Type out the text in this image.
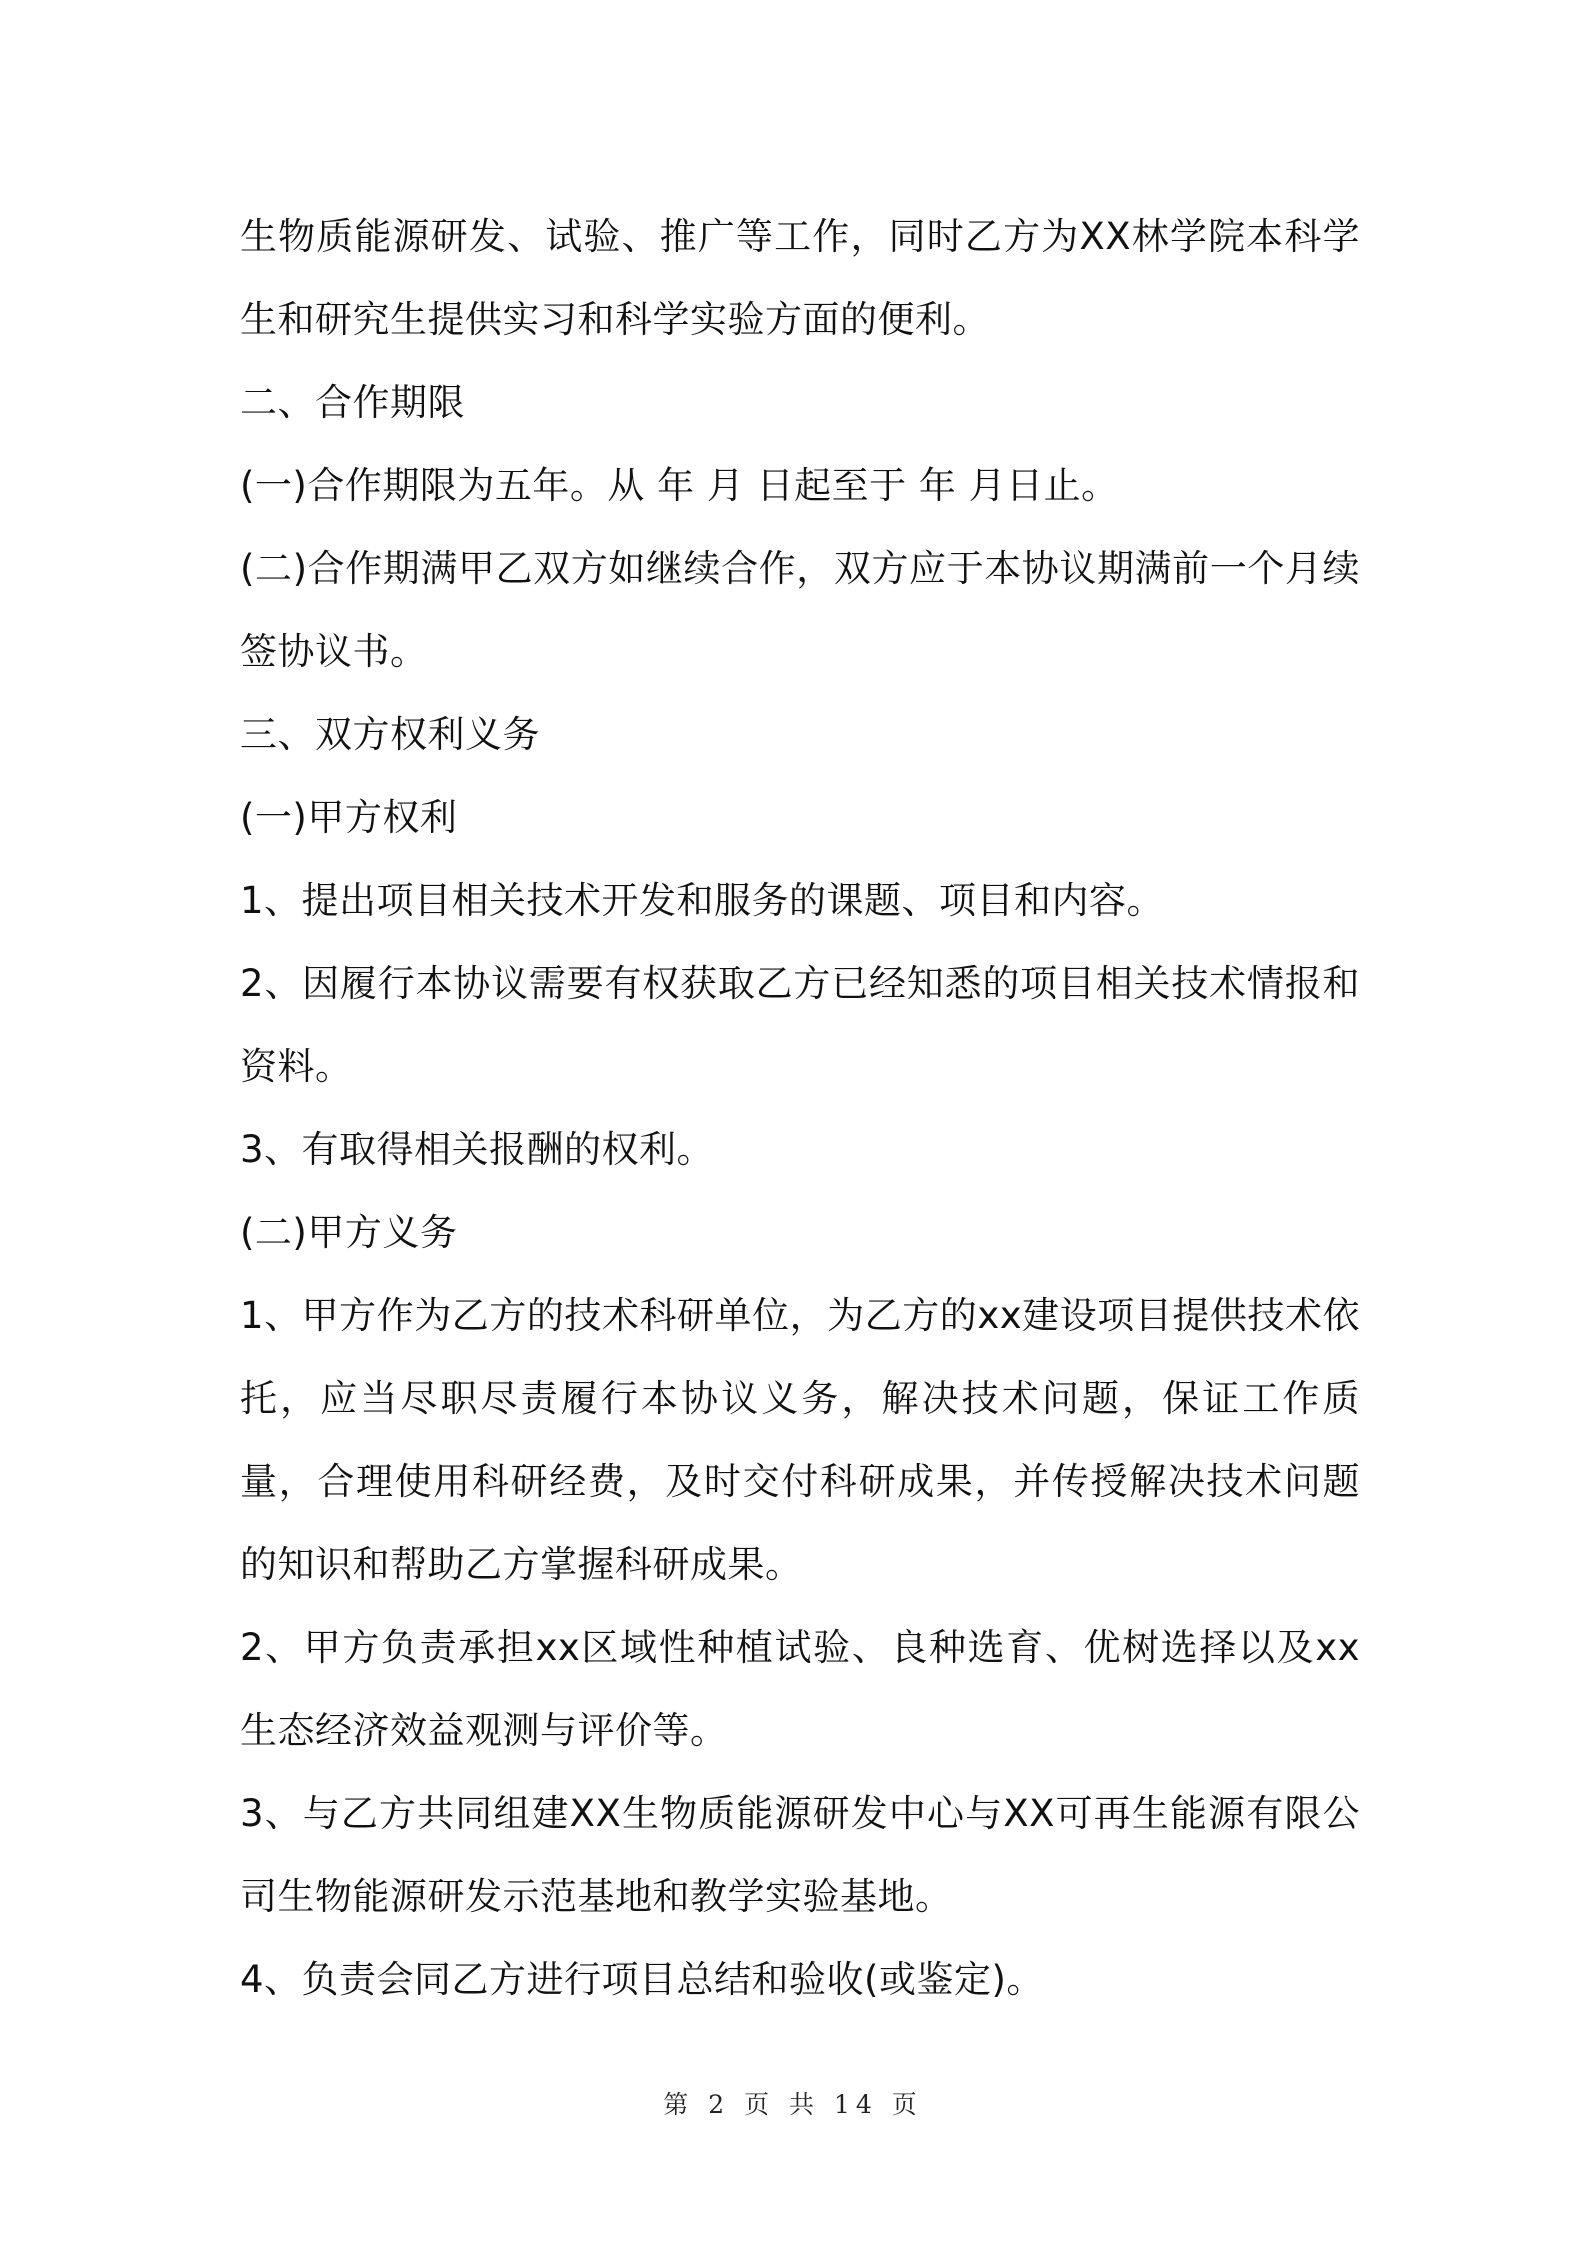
生物质能源研发、试验、推广等工作，同时乙方为XX林学院本科学生和研究生提供实习和科学实验方面的便利。

二、合作期限

(一)合作期限为五年。从 年 月 日起至于 年 月日止。

(二)合作期满甲乙双方如继续合作，双方应于本协议期满前一个月续签协议书。

三、双方权利义务

(一)甲方权利

1、提出项目相关技术开发和服务的课题、项目和内容。

2、因履行本协议需要有权获取乙方已经知悉的项目相关技术情报和资料。

3、有取得相关报酬的权利。

(二)甲方义务

1、甲方作为乙方的技术科研单位，为乙方的xx建设项目提供技术依托，应当尽职尽责履行本协议义务，解决技术问题，保证工作质量，合理使用科研经费，及时交付科研成果，并传授解决技术问题的知识和帮助乙方掌握科研成果。

2、甲方负责承担xx区域性种植试验、良种选育、优树选择以及xx生态经济效益观测与评价等。

3、与乙方共同组建XX生物质能源研发中心与XX可再生能源有限公司生物能源研发示范基地和教学实验基地。

4、负责会同乙方进行项目总结和验收(或鉴定)。

第 2 页 共 14 页
